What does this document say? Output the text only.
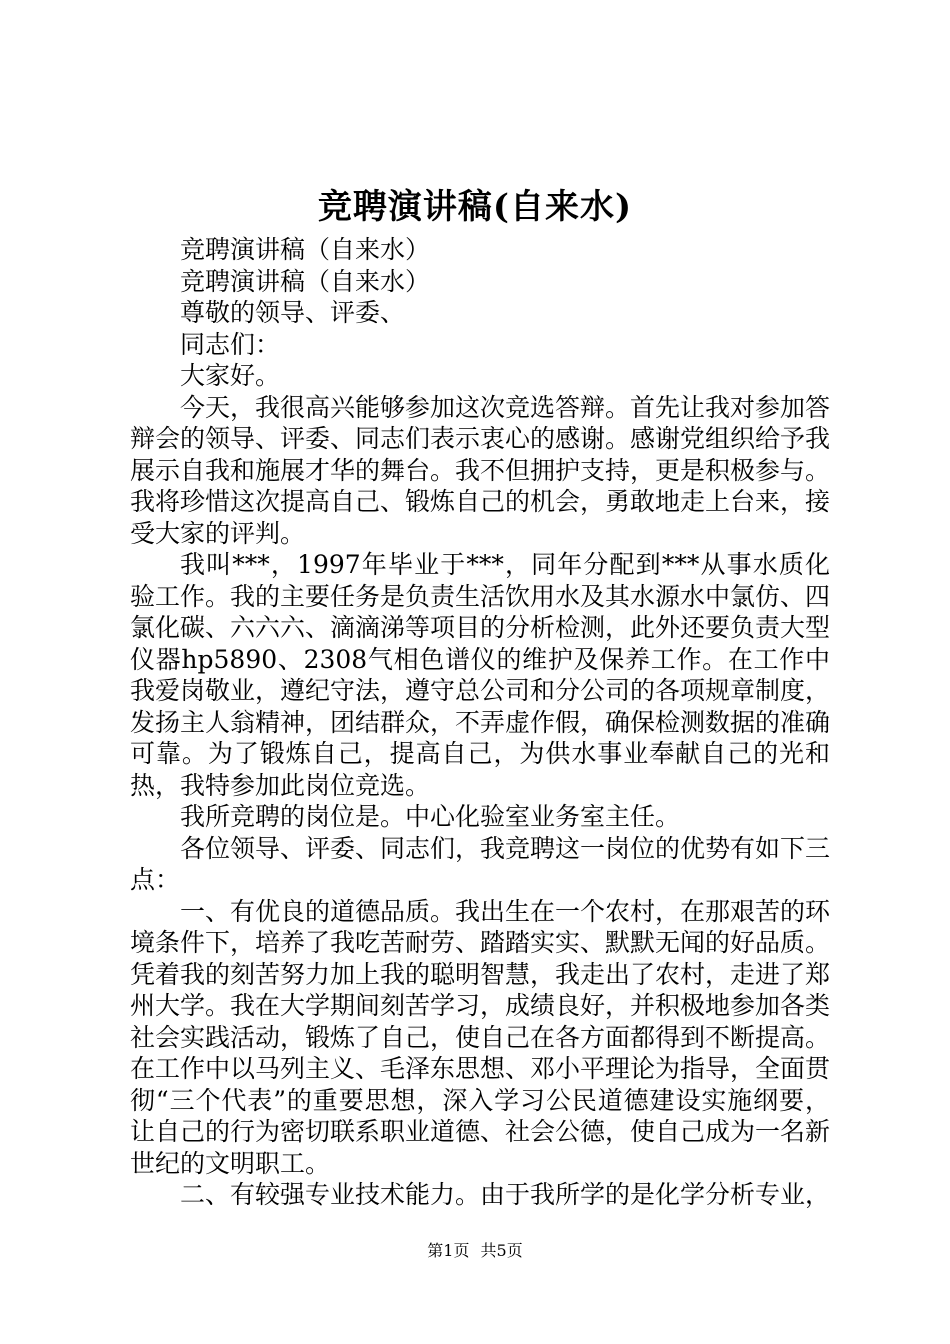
竞聘演讲稿(自来水)

竞聘演讲稿（自来水）

竞聘演讲稿（自来水）

尊敬的领导、评委、

同志们：

大家好。

今天，我很高兴能够参加这次竞选答辩。首先让我对参加答辩会的领导、评委、同志们表示衷心的感谢。感谢党组织给予我展示自我和施展才华的舞台。我不但拥护支持，更是积极参与。我将珍惜这次提高自己、锻炼自己的机会，勇敢地走上台来，接受大家的评判。

我叫***，1997年毕业于***，同年分配到***从事水质化验工作。我的主要任务是负责生活饮用水及其水源水中氯仿、四氯化碳、六六六、滴滴涕等项目的分析检测，此外还要负责大型仪器hp5890、2308气相色谱仪的维护及保养工作。在工作中我爱岗敬业，遵纪守法，遵守总公司和分公司的各项规章制度，发扬主人翁精神，团结群众，不弄虚作假，确保检测数据的准确可靠。为了锻炼自己，提高自己，为供水事业奉献自己的光和热，我特参加此岗位竞选。

我所竞聘的岗位是。中心化验室业务室主任。

各位领导、评委、同志们，我竞聘这一岗位的优势有如下三点：

一、有优良的道德品质。我出生在一个农村，在那艰苦的环境条件下，培养了我吃苦耐劳、踏踏实实、默默无闻的好品质。凭着我的刻苦努力加上我的聪明智慧，我走出了农村，走进了郑州大学。我在大学期间刻苦学习，成绩良好，并积极地参加各类社会实践活动，锻炼了自己，使自己在各方面都得到不断提高。在工作中以马列主义、毛泽东思想、邓小平理论为指导，全面贯彻“三个代表”的重要思想，深入学习公民道德建设实施纲要，让自己的行为密切联系职业道德、社会公德，使自己成为一名新世纪的文明职工。

二、有较强专业技术能力。由于我所学的是化学分析专业，

第1页 共5页
